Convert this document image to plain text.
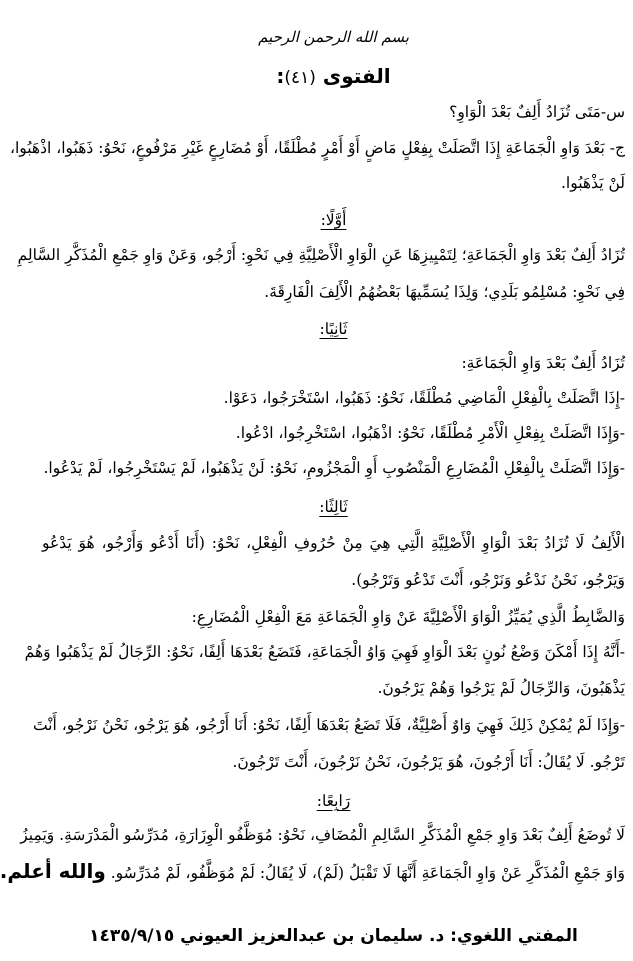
بسم الله الرحمن الرحيم
الفتوى (٤١):
س-مَتَى تُزَادُ أَلِفٌ بَعْدَ الْوَاوِ؟
ج- بَعْدَ وَاوِ الْجَمَاعَةِ إِذَا اتَّصَلَتْ بِفِعْلٍ مَاضٍ أَوْ أَمْرٍ مُطْلَقًا، أَوْ مُضَارِعٍ غَيْرِ مَرْفُوعٍ، نَحْوُ: ذَهَبُوا، اذْهَبُوا،
لَنْ يَذْهَبُوا.
أَوَّلًا:
تُزَادُ أَلِفٌ بَعْدَ وَاوِ الْجَمَاعَةِ؛ لِتَمْيِيزِهَا عَنِ الْوَاوِ الْأَصْلِيَّةِ فِي نَحْوِ: أَرْجُو، وَعَنْ وَاوِ جَمْعِ الْمُذَكَّرِ السَّالِمِ
فِي نَحْوِ: مُسْلِمُو بَلَدِي؛ وَلِذَا يُسَمِّيهَا بَعْضُهُمُ الْأَلِفَ الْفَارِقَةَ.
ثَانِيًا:
تُزَادُ أَلِفٌ بَعْدَ وَاوِ الْجَمَاعَةِ:
-إِذَا اتَّصَلَتْ بِالْفِعْلِ الْمَاضِي مُطْلَقًا، نَحْوُ: ذَهَبُوا، اسْتَخْرَجُوا، دَعَوْا.
-وَإِذَا اتَّصَلَتْ بِفِعْلِ الْأَمْرِ مُطْلَقًا، نَحْوُ: اذْهَبُوا، اسْتَخْرِجُوا، ادْعُوا.
-وَإِذَا اتَّصَلَتْ بِالْفِعْلِ الْمُضَارِعِ الْمَنْصُوبِ أَوِ الْمَجْزُومِ، نَحْوُ: لَنْ يَذْهَبُوا، لَمْ يَسْتَخْرِجُوا، لَمْ يَدْعُوا.
ثَالِثًا:
الْأَلِفُ لَا تُزَادُ بَعْدَ الْوَاوِ الْأَصْلِيَّةِ الَّتِي هِيَ مِنْ حُرُوفِ الْفِعْلِ، نَحْوُ: (أَنَا أَدْعُو وَأَرْجُو، هُوَ يَدْعُو
وَيَرْجُو، نَحْنُ نَدْعُو وَنَرْجُو، أَنْتَ تَدْعُو وَتَرْجُو).
وَالضَّابِطُ الَّذِي يُمَيِّزُ الْوَاوَ الْأَصْلِيَّةَ عَنْ وَاوِ الْجَمَاعَةِ مَعَ الْفِعْلِ الْمُضَارِعِ:
-أَنَّهُ إِذَا أَمْكَنَ وَضْعُ نُونٍ بَعْدَ الْوَاوِ فَهِيَ وَاوُ الْجَمَاعَةِ، فَتَضَعُ بَعْدَهَا أَلِفًا، نَحْوُ: الرِّجَالُ لَمْ يَذْهَبُوا وَهُمْ
يَذْهَبُونَ، وَالرِّجَالُ لَمْ يَرْجُوا وَهُمْ يَرْجُونَ.
-وَإِذَا لَمْ يُمْكِنْ ذَلِكَ فَهِيَ وَاوٌ أَصْلِيَّةٌ، فَلَا تَضَعُ بَعْدَهَا أَلِفًا، نَحْوُ: أَنَا أَرْجُو، هُوَ يَرْجُو، نَحْنُ نَرْجُو، أَنْتَ
تَرْجُو. لَا يُقَالُ: أَنَا أَرْجُونَ، هُوَ يَرْجُونَ، نَحْنُ نَرْجُونَ، أَنْتَ تَرْجُونَ.
رَابِعًا:
لَا تُوضَعُ أَلِفٌ بَعْدَ وَاوِ جَمْعِ الْمُذَكَّرِ السَّالِمِ الْمُضَافِ، نَحْوُ: مُوَظَّفُو الْوِزَارَةِ، مُدَرِّسُو الْمَدْرَسَةِ. وَيَمِيزُ
وَاوَ جَمْعِ الْمُذَكَّرِ عَنْ وَاوِ الْجَمَاعَةِ أَنَّهَا لَا تَقْبَلُ (لَمْ)، لَا يُقَالُ: لَمْ مُوَظَّفُو، لَمْ مُدَرِّسُو. والله أعلم.
المفتي اللغوي: د. سليمان بن عبدالعزيز العيوني ١٤٣٥/٩/١٥
